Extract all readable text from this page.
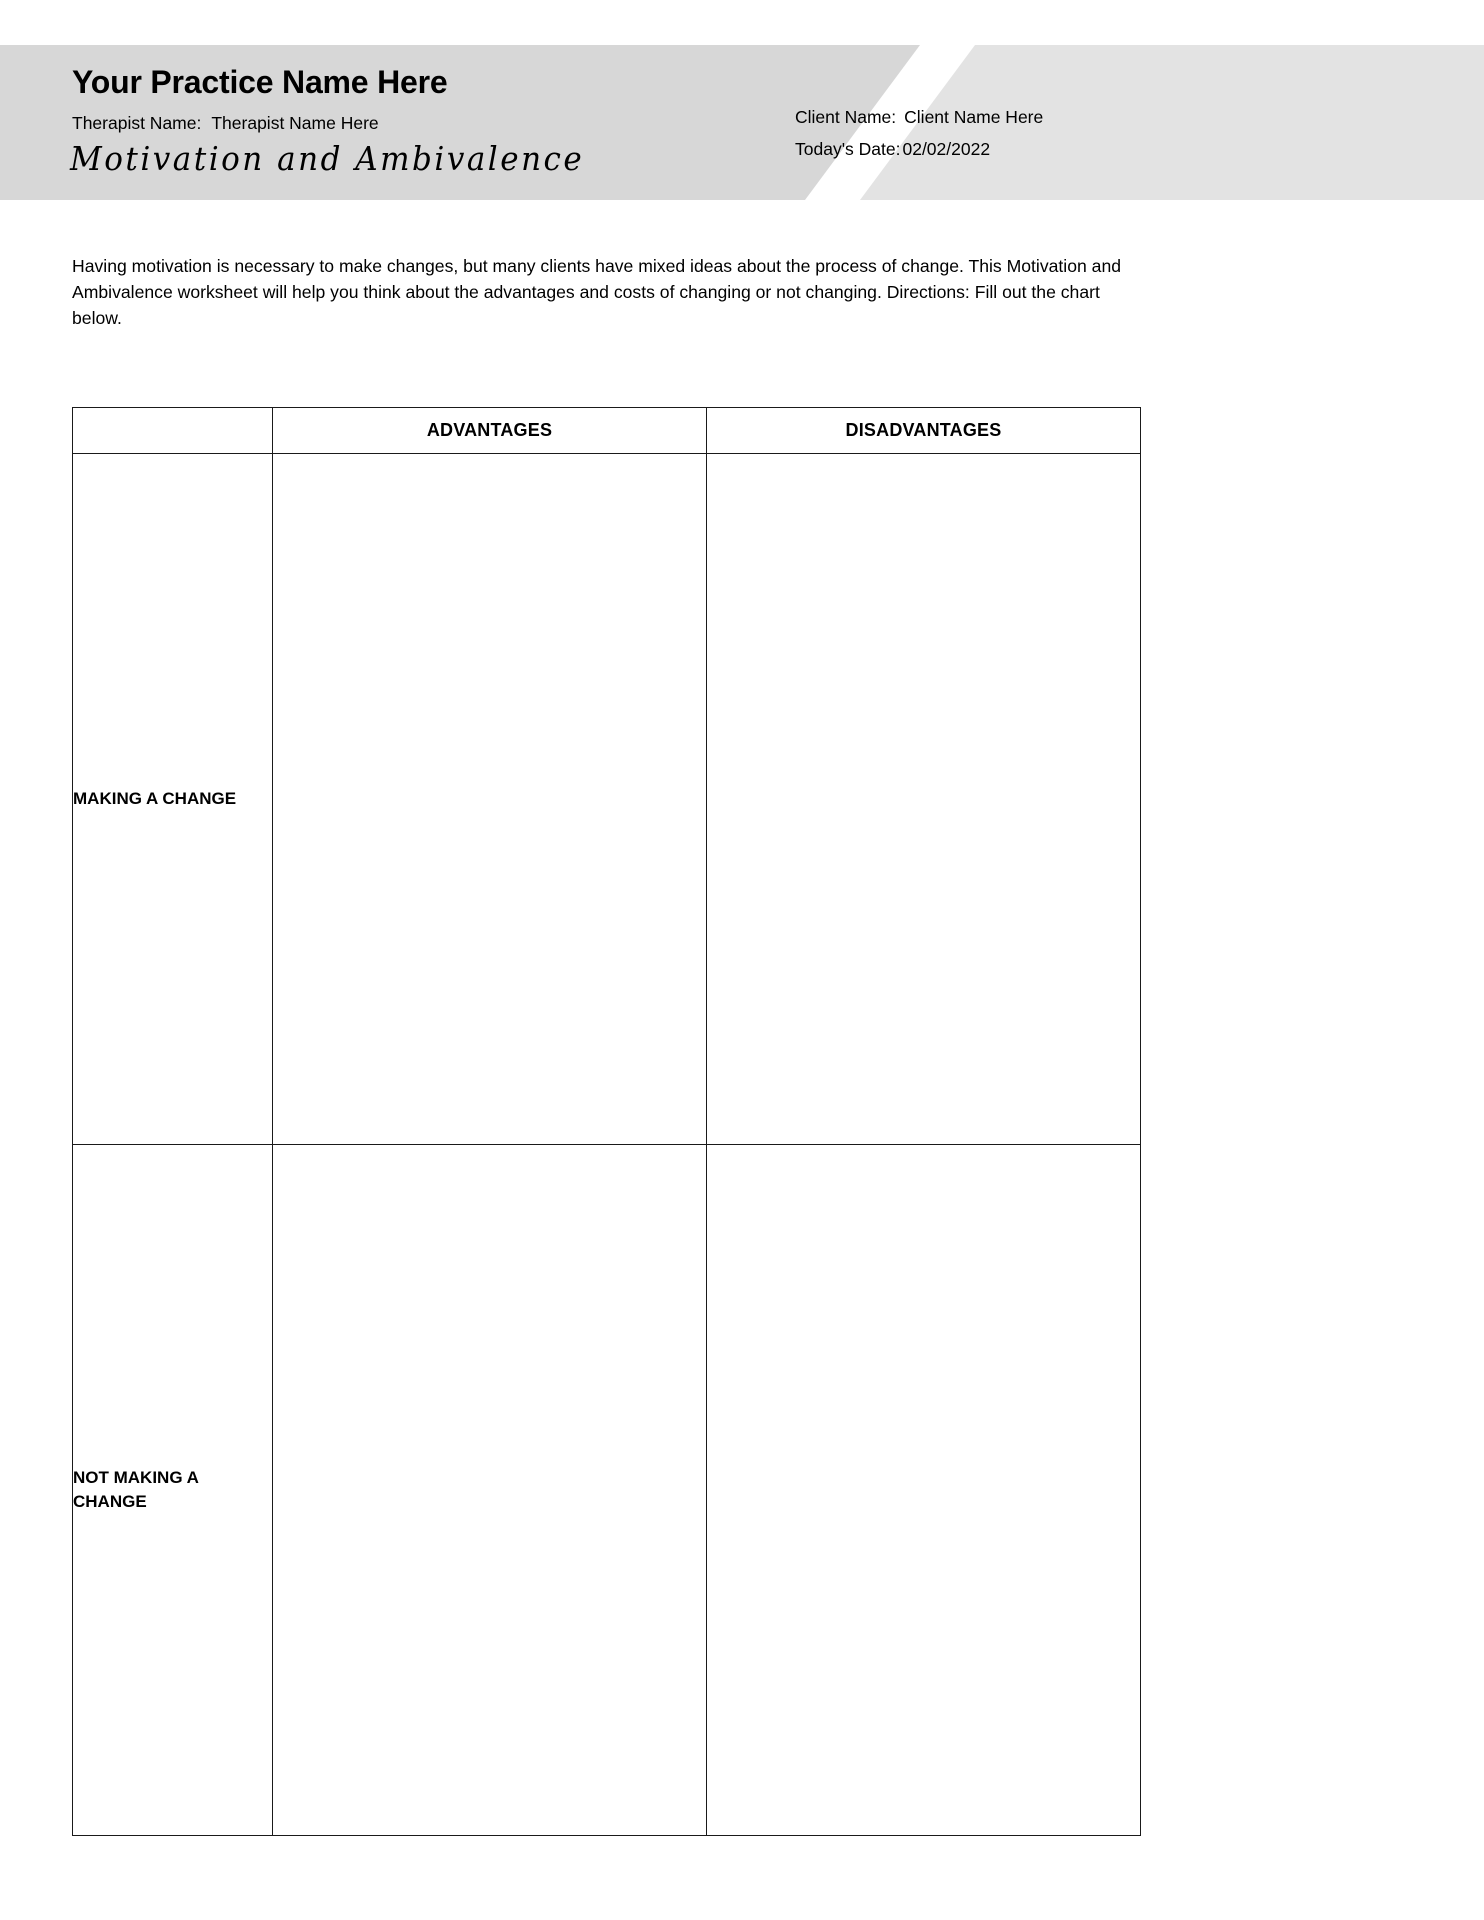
Your Practice Name Here
Therapist Name: Therapist Name Here
Motivation and Ambivalence
Client Name: Client Name Here
Today's Date: 02/02/2022

Having motivation is necessary to make changes, but many clients have mixed ideas about the process of change. This Motivation and Ambivalence worksheet will help you think about the advantages and costs of changing or not changing. Directions: Fill out the chart below.

	ADVANTAGES	DISADVANTAGES
MAKING A CHANGE		
NOT MAKING A CHANGE		
